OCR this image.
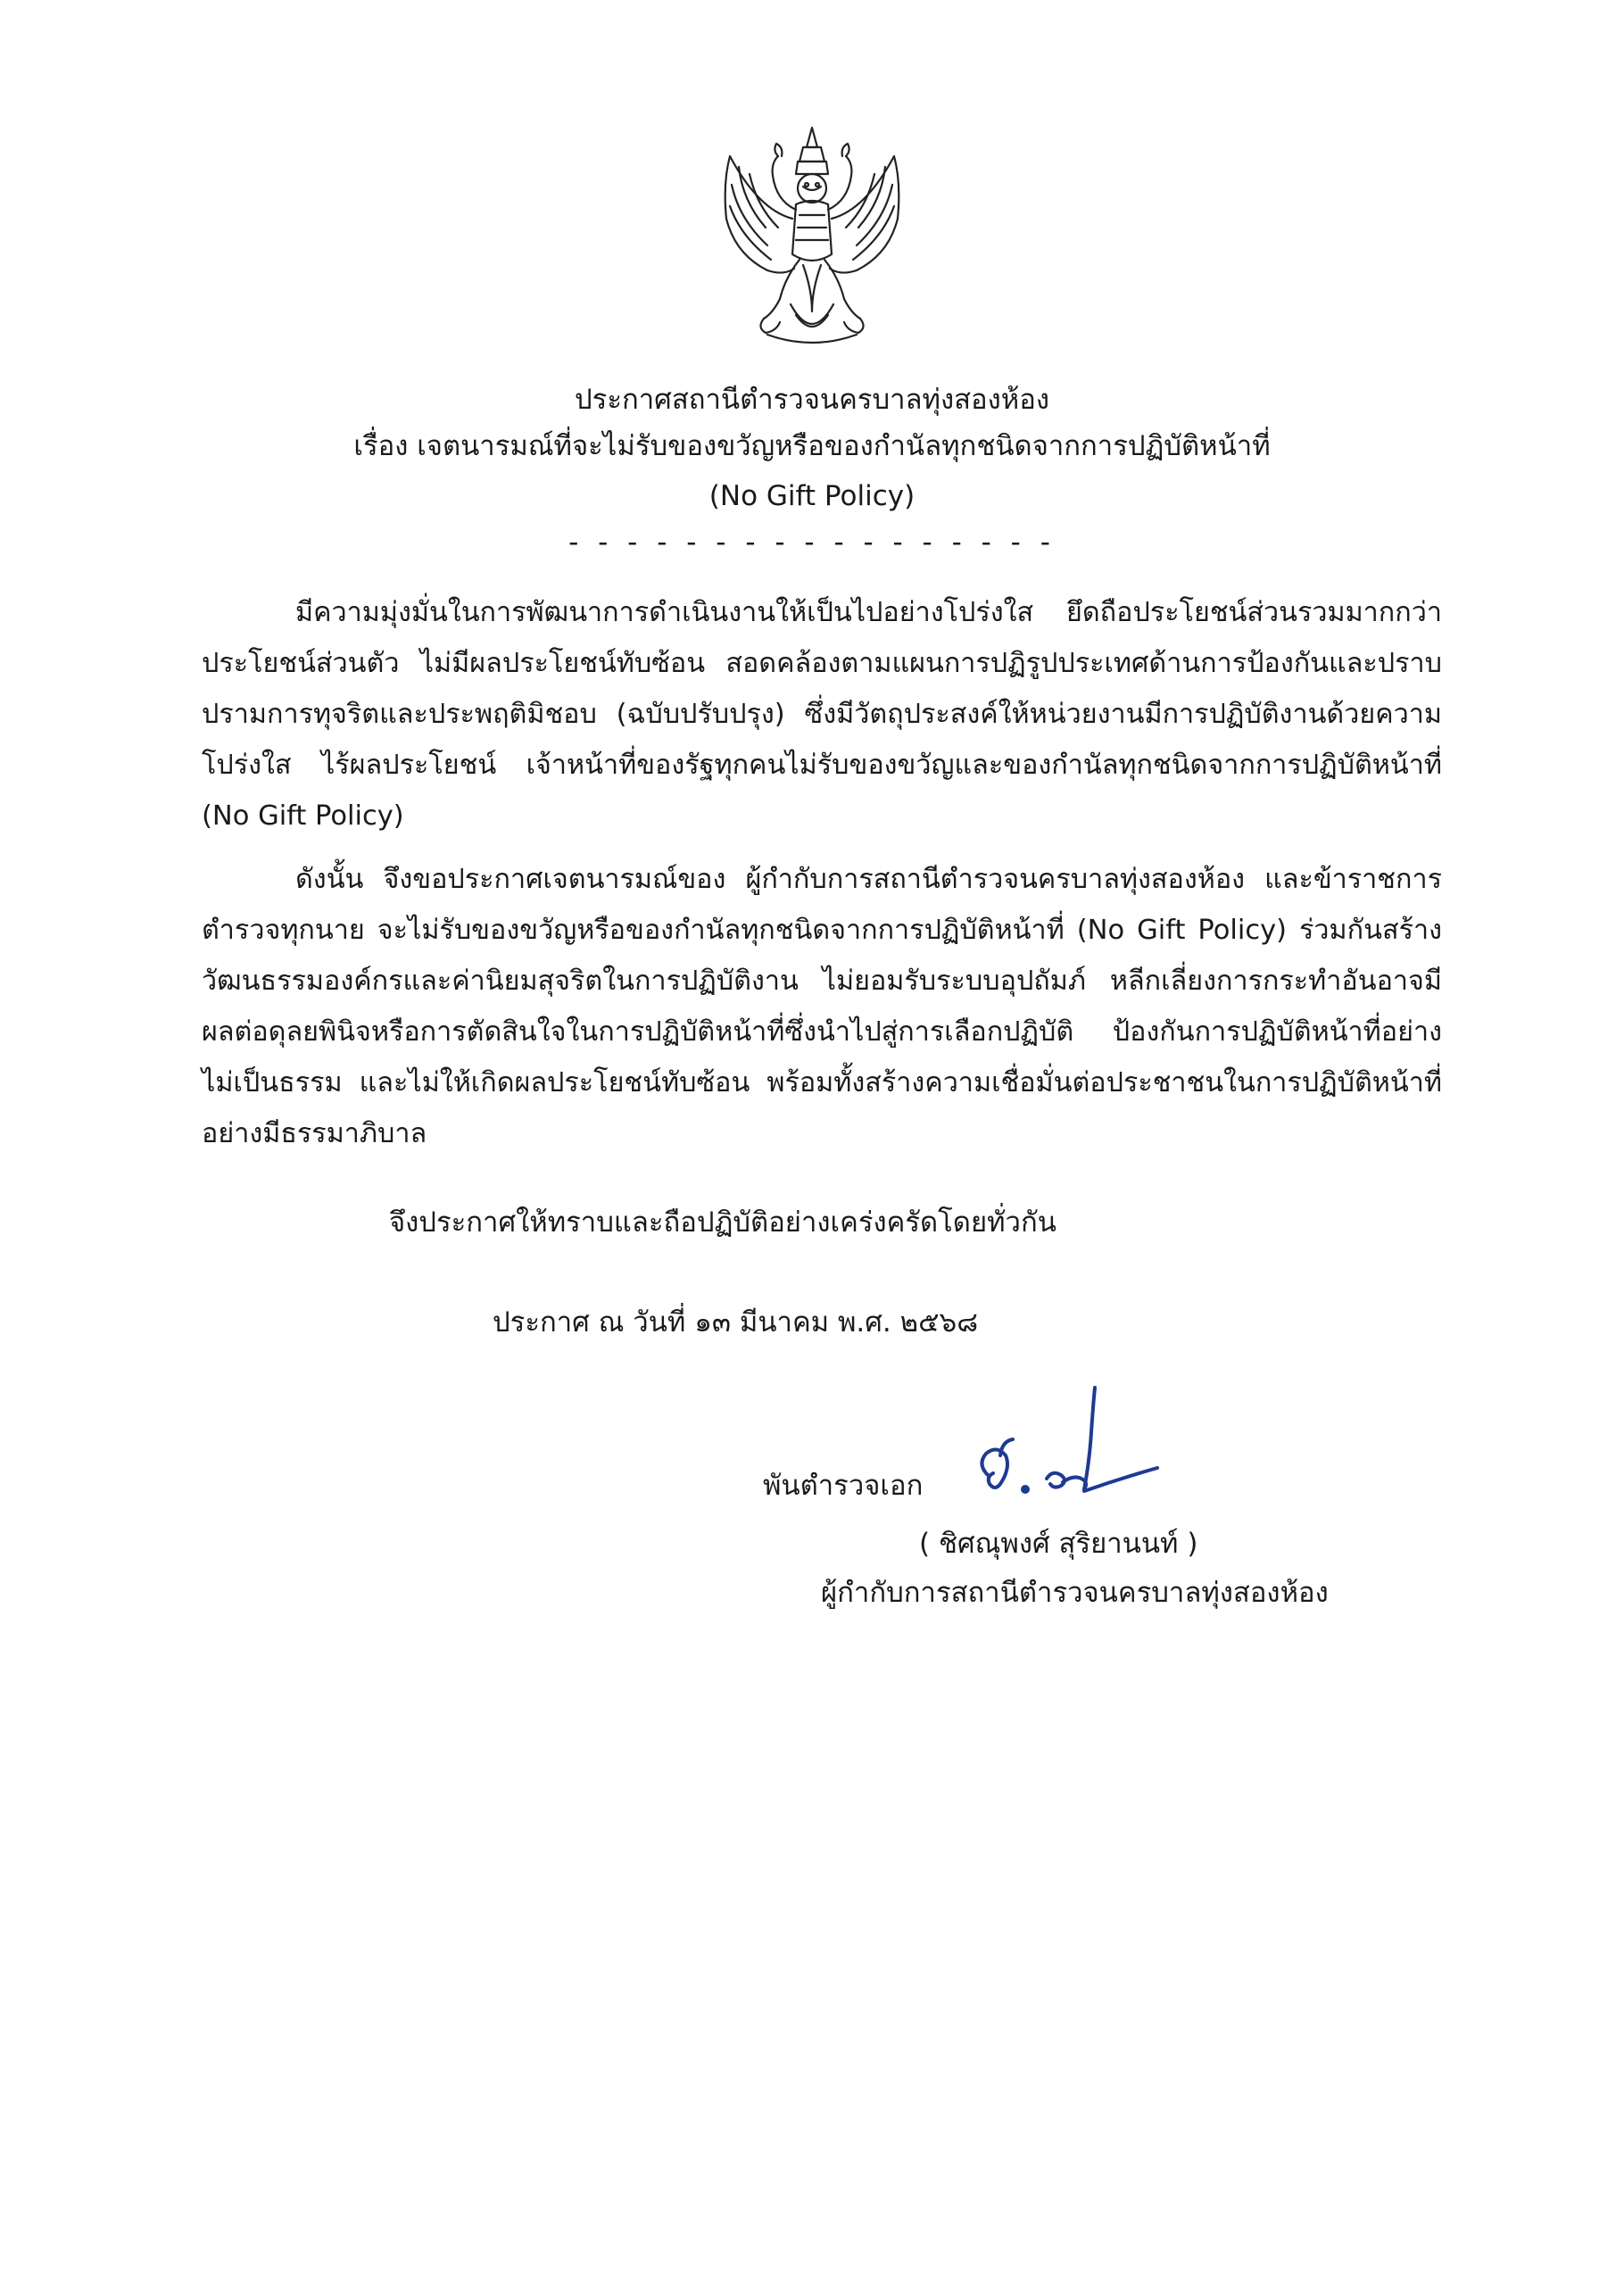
ประกาศสถานีตำรวจนครบาลทุ่งสองห้อง
เรื่อง เจตนารมณ์ที่จะไม่รับของขวัญหรือของกำนัลทุกชนิดจากการปฏิบัติหน้าที่
(No Gift Policy)
- - - - - - - - - - - - - - - - -
มีความมุ่งมั่นในการพัฒนาการดำเนินงานให้เป็นไปอย่างโปร่งใส ยึดถือประโยชน์ส่วนรวมมากกว่าประโยชน์ส่วนตัว ไม่มีผลประโยชน์ทับซ้อน สอดคล้องตามแผนการปฏิรูปประเทศด้านการป้องกันและปราบปรามการทุจริตและประพฤติมิชอบ (ฉบับปรับปรุง) ซึ่งมีวัตถุประสงค์ให้หน่วยงานมีการปฏิบัติงานด้วยความโปร่งใส ไร้ผลประโยชน์ เจ้าหน้าที่ของรัฐทุกคนไม่รับของขวัญและของกำนัลทุกชนิดจากการปฏิบัติหน้าที่ (No Gift Policy)
ดังนั้น จึงขอประกาศเจตนารมณ์ของ ผู้กำกับการสถานีตำรวจนครบาลทุ่งสองห้อง และข้าราชการตำรวจทุกนาย จะไม่รับของขวัญหรือของกำนัลทุกชนิดจากการปฏิบัติหน้าที่ (No Gift Policy) ร่วมกันสร้างวัฒนธรรมองค์กรและค่านิยมสุจริตในการปฏิบัติงาน ไม่ยอมรับระบบอุปถัมภ์ หลีกเลี่ยงการกระทำอันอาจมีผลต่อดุลยพินิจหรือการตัดสินใจในการปฏิบัติหน้าที่ซึ่งนำไปสู่การเลือกปฏิบัติ ป้องกันการปฏิบัติหน้าที่อย่างไม่เป็นธรรม และไม่ให้เกิดผลประโยชน์ทับซ้อน พร้อมทั้งสร้างความเชื่อมั่นต่อประชาชนในการปฏิบัติหน้าที่อย่างมีธรรมาภิบาล
จึงประกาศให้ทราบและถือปฏิบัติอย่างเคร่งครัดโดยทั่วกัน
ประกาศ ณ วันที่ ๑๓ มีนาคม พ.ศ. ๒๕๖๘
พันตำรวจเอก
( ชิศณุพงศ์ สุริยานนท์ )
ผู้กำกับการสถานีตำรวจนครบาลทุ่งสองห้อง
